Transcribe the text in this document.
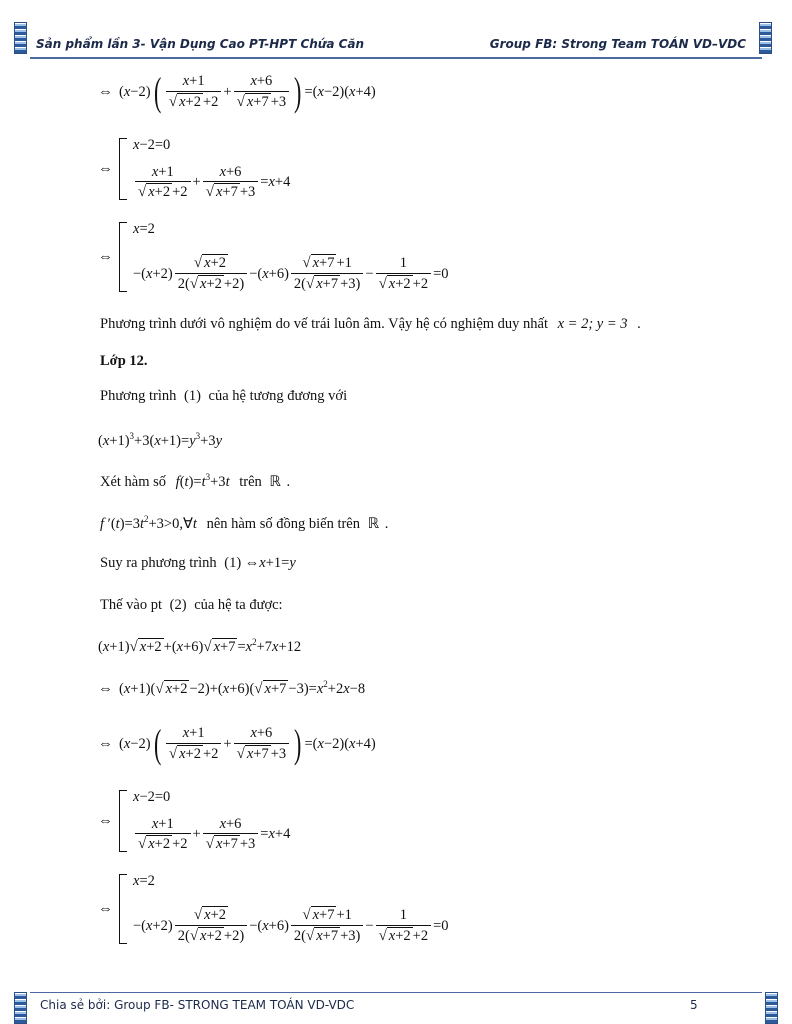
Sản phẩm lần 3- Vận Dụng Cao PT-HPT Chứa Căn	Group FB: Strong Team TOÁN VD–VDC
⇔ ( x −2) ( $\frac{x+1}{√ x+2 +2} + \frac{x+6}{√ x+7 +3}$ ) =( x −2)( x +4)
⇔
x−2=0
$\frac{x+1}{√ x+2 +2} + \frac{x+6}{√ x+7 +3} = x +4$
⇔
x=2
−( $x +2) \frac{√ x+2}{2(√ x+2 +2)}$ −( $x +6) \frac{√ x+7 +1}{2(√ x+7 +3)} - \frac{1}{√ x+2 +2} =0$
Phương trình dưới vô nghiệm do vế trái luôn âm. Vậy hệ có nghiệm duy nhất x = 2; y = 3 .
Lớp 12.
Phương trình (1) của hệ tương đương với
$(x+1)^3+3(x+1)=y^3+3y$
Xét hàm số $f(t)=t^3+3t$ trên ℝ .
f $'(t)=3t^2+3>0,\forall t$ nên hàm số đồng biến trên ℝ .
Suy ra phương trình (1) ⇔x+1=y
Thế vào pt (2) của hệ ta được:
(x+1)√ x+2 +(x+6)√ $x+7 =x^2+7x+12$
⇔ (x+1)(√ x+2 −2)+(x+6)(√ $x+7 -3)=x^2+2x-8$
⇔ ( x −2) ( $\frac{x+1}{√ x+2 +2} + \frac{x+6}{√ x+7 +3}$ ) =( x −2)( x +4)
⇔
x−2=0
$\frac{x+1}{√ x+2 +2} + \frac{x+6}{√ x+7 +3} = x +4$
⇔
x=2
−( $x +2) \frac{√ x+2}{2(√ x+2 +2)}$ −( $x +6) \frac{√ x+7 +1}{2(√ x+7 +3)} - \frac{1}{√ x+2 +2} =0$
Chia sẻ bởi: Group FB- STRONG TEAM TOÁN VD-VDC	5
